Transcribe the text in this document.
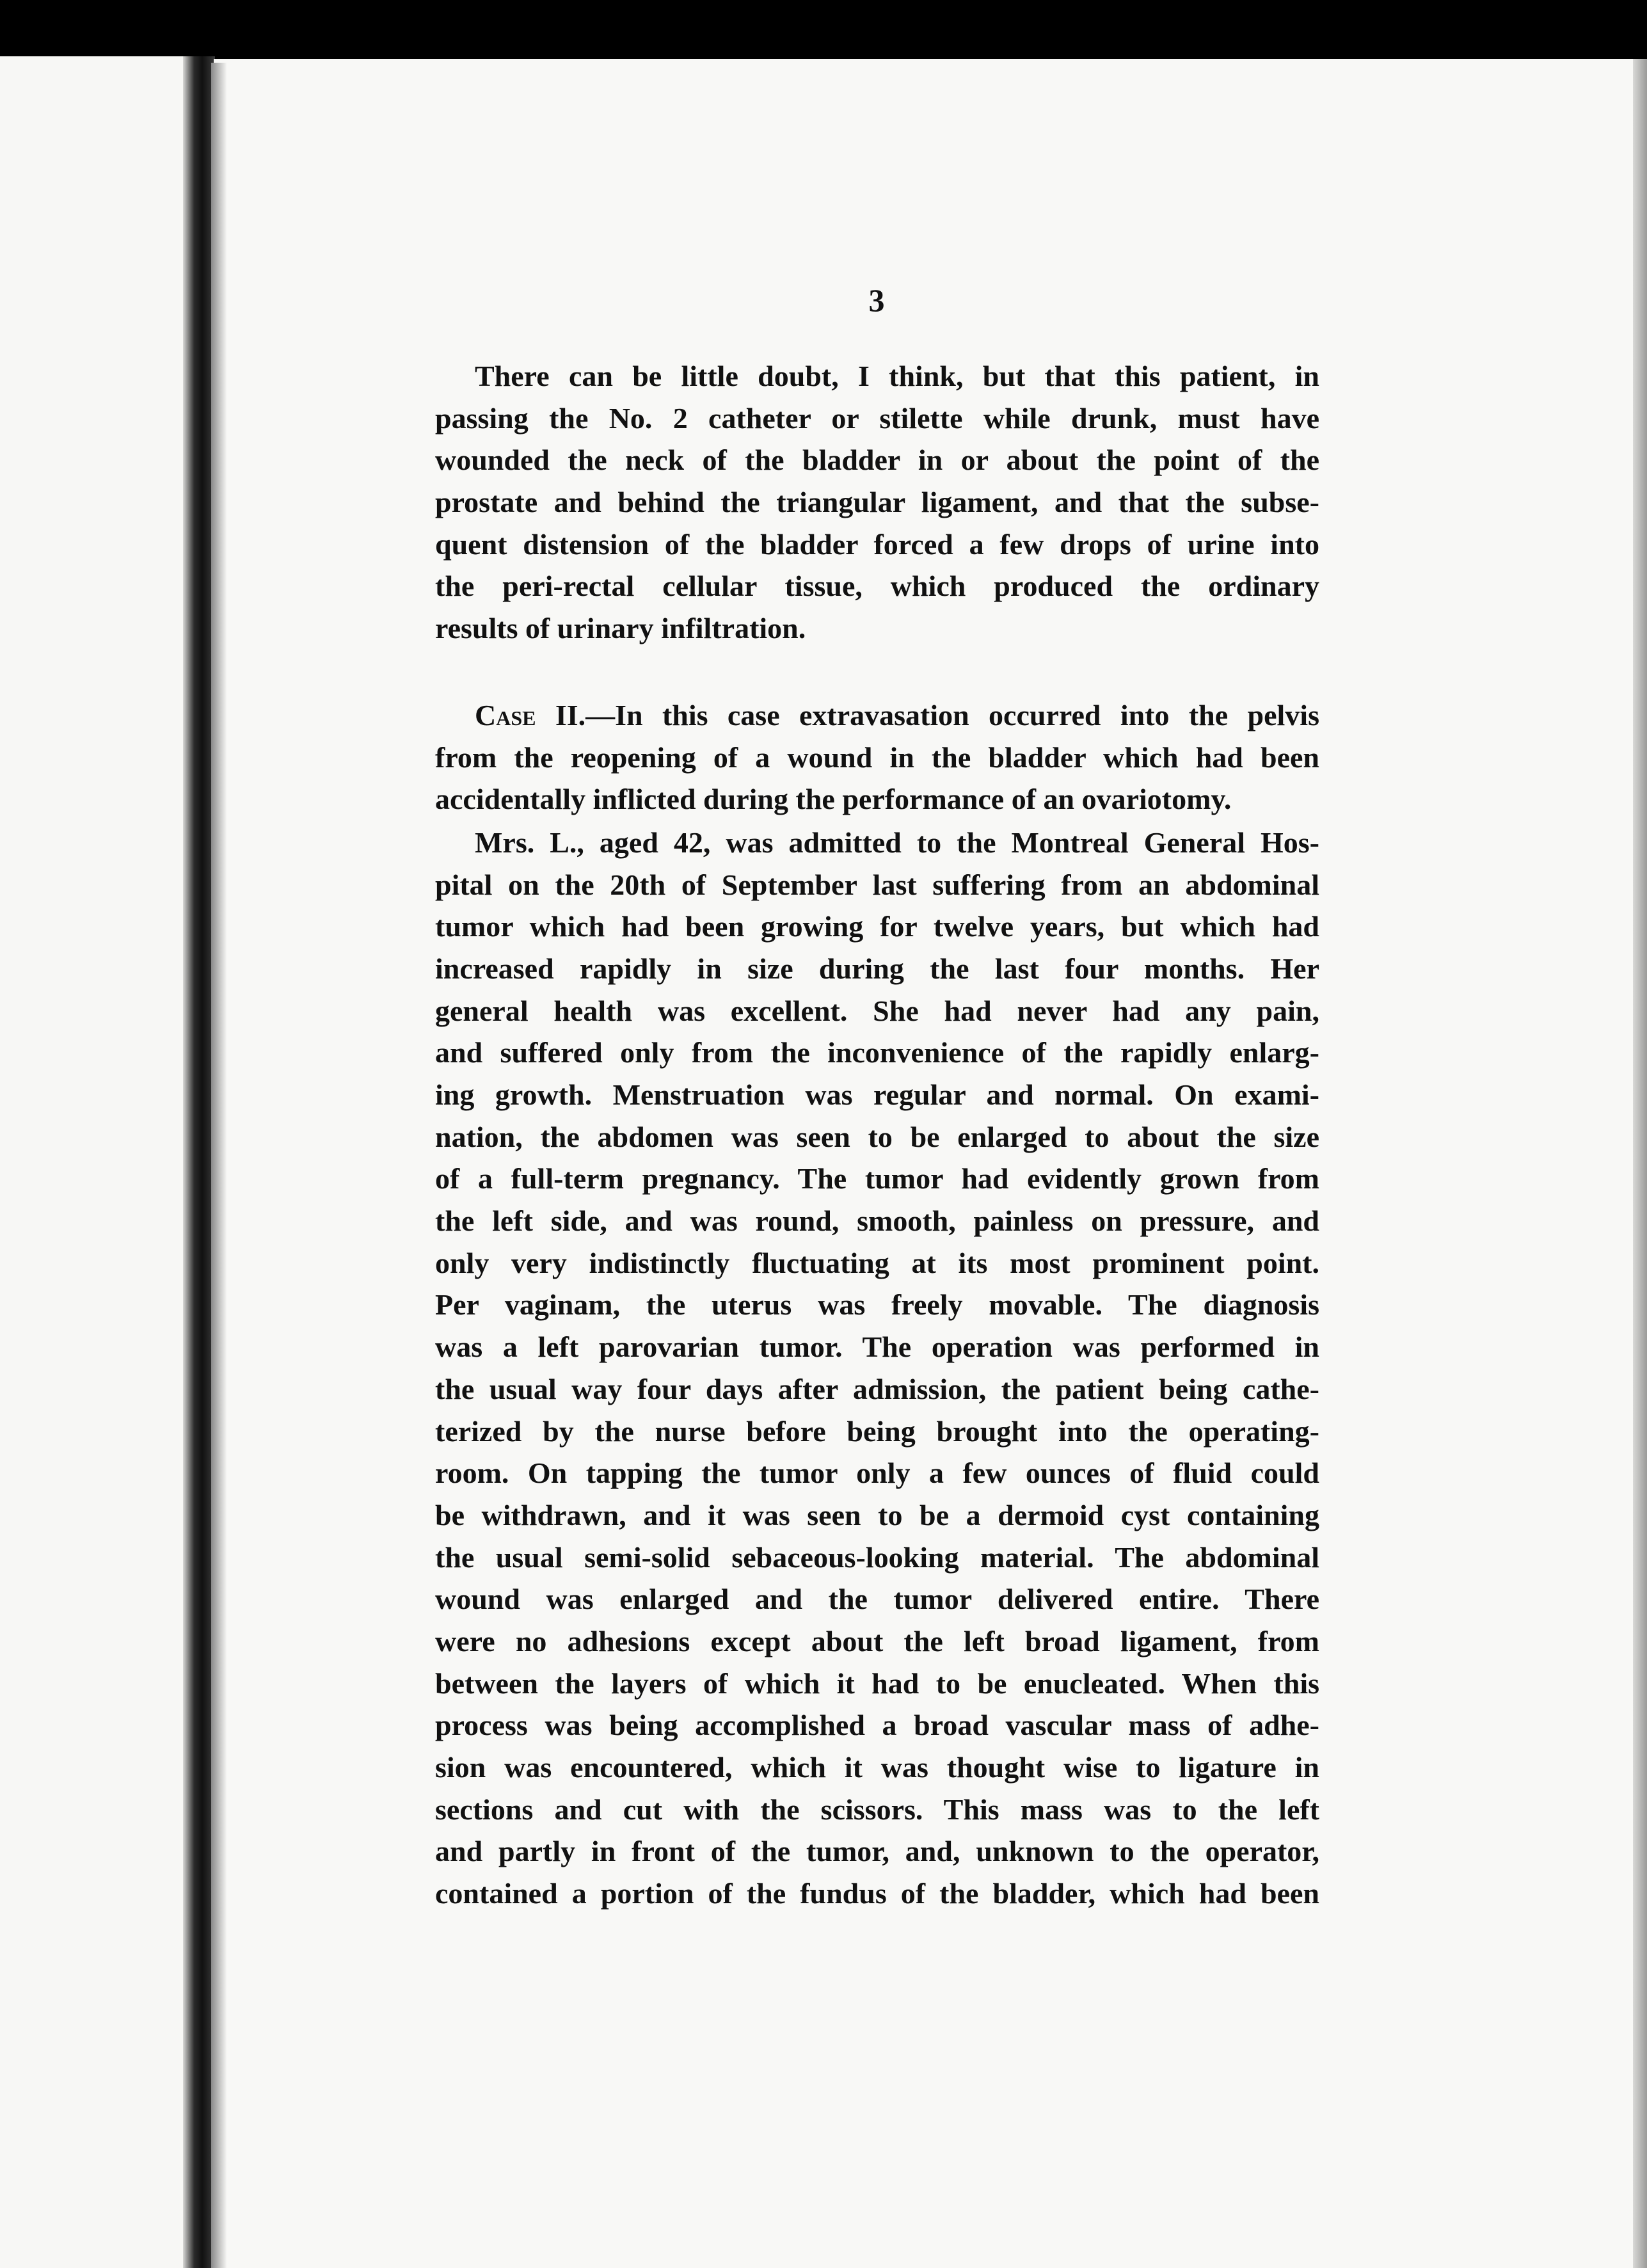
3
There can be little doubt, I think, but that this patient, in
passing the No. 2 catheter or stilette while drunk, must have
wounded the neck of the bladder in or about the point of the
prostate and behind the triangular ligament, and that the subse-
quent distension of the bladder forced a few drops of urine into
the peri-rectal cellular tissue, which produced the ordinary
results of urinary infiltration.
Case II.—In this case extravasation occurred into the pelvis
from the reopening of a wound in the bladder which had been
accidentally inflicted during the performance of an ovariotomy.
Mrs. L., aged 42, was admitted to the Montreal General Hos-
pital on the 20th of September last suffering from an abdominal
tumor which had been growing for twelve years, but which had
increased rapidly in size during the last four months. Her
general health was excellent. She had never had any pain,
and suffered only from the inconvenience of the rapidly enlarg-
ing growth. Menstruation was regular and normal. On exami-
nation, the abdomen was seen to be enlarged to about the size
of a full-term pregnancy. The tumor had evidently grown from
the left side, and was round, smooth, painless on pressure, and
only very indistinctly fluctuating at its most prominent point.
Per vaginam, the uterus was freely movable. The diagnosis
was a left parovarian tumor. The operation was performed in
the usual way four days after admission, the patient being cathe-
terized by the nurse before being brought into the operating-
room. On tapping the tumor only a few ounces of fluid could
be withdrawn, and it was seen to be a dermoid cyst containing
the usual semi-solid sebaceous-looking material. The abdominal
wound was enlarged and the tumor delivered entire. There
were no adhesions except about the left broad ligament, from
between the layers of which it had to be enucleated. When this
process was being accomplished a broad vascular mass of adhe-
sion was encountered, which it was thought wise to ligature in
sections and cut with the scissors. This mass was to the left
and partly in front of the tumor, and, unknown to the operator,
contained a portion of the fundus of the bladder, which had been
